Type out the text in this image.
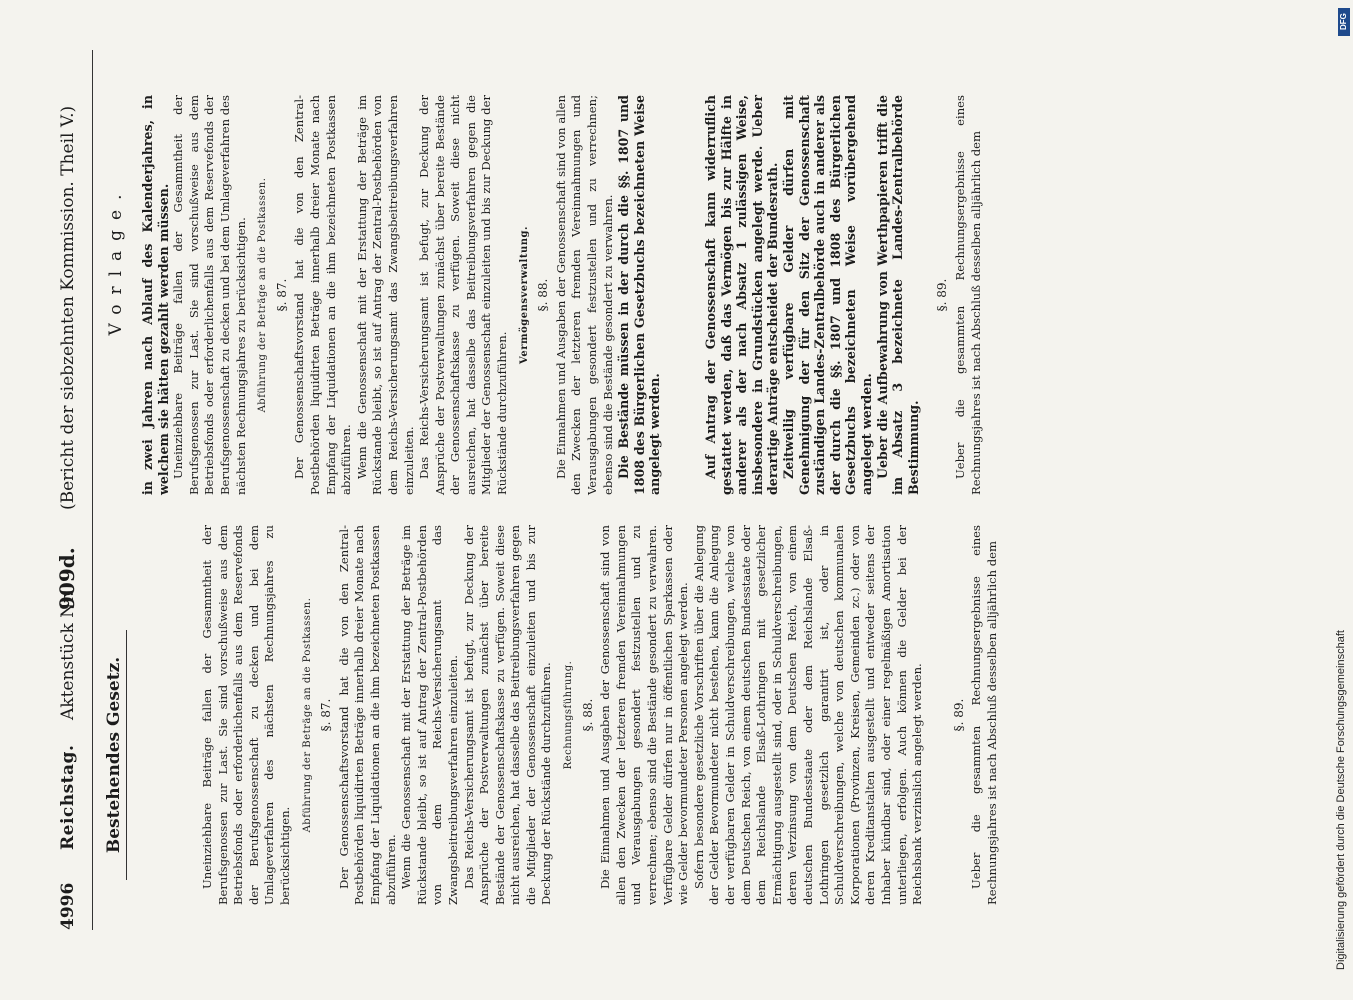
4996
Reichstag.
Aktenstück Nr.
909d.
(Bericht der siebzehnten Kommission. Theil V.)
Bestehendes Gesetz.	Uneinziehbare Beiträge fallen der Gesammtheit der Berufsgenossen zur Last. Sie sind vorschußweise aus dem Betriebsfonds oder erforderlichenfalls aus dem Reservefonds der Berufsgenossenschaft zu decken und bei dem Umlageverfahren des nächsten Rechnungsjahres zu berücksichtigen.

Abführung der Beträge an die Postkassen. §. 87. Der Genossenschaftsvorstand hat die von den Zentral-Postbehörden liquidirten Beträge innerhalb dreier Monate nach Empfang der Liquidationen an die ihm bezeichneten Postkassen abzuführen. Wenn die Genossenschaft mit der Erstattung der Beträge im Rückstande bleibt, so ist auf Antrag der Zentral-Postbehörden von dem Reichs-Versicherungsamt das Zwangsbeitreibungsverfahren einzuleiten. Das Reichs-Versicherungsamt ist befugt, zur Deckung der Ansprüche der Postverwaltungen zunächst über bereite Bestände der Genossenschaftskasse zu verfügen. Soweit diese nicht ausreichen, hat dasselbe das Beitreibungsverfahren gegen die Mitglieder der Genossenschaft einzuleiten und bis zur Deckung der Rückstände durchzuführen. Rechnungsführung. §. 88. Die Einnahmen und Ausgaben der Genossenschaft sind von allen den Zwecken der letzteren fremden Vereinnahmungen und Verausgabungen gesondert festzustellen und zu verrechnen; ebenso sind die Bestände gesondert zu verwahren. Verfügbare Gelder dürfen nur in öffentlichen Sparkassen oder wie Gelder bevormundeter Personen angelegt werden. Sofern besondere gesetzliche Vorschriften über die Anlegung der Gelder Bevormundeter nicht bestehen, kann die Anlegung der verfügbaren Gelder in Schuldverschreibungen, welche von dem Deutschen Reich, von einem deutschen Bundesstaate oder dem Reichslande Elsaß-Lothringen mit gesetzlicher Ermächtigung ausgestellt sind, oder in Schuldverschreibungen, deren Verzinsung von dem Deutschen Reich, von einem deutschen Bundesstaate oder dem Reichslande Elsaß-Lothringen gesetzlich garantirt ist, oder in Schuldverschreibungen, welche von deutschen kommunalen Korporationen (Provinzen, Kreisen, Gemeinden zc.) oder von deren Kreditanstalten ausgestellt und entweder seitens der Inhaber kündbar sind, oder einer regelmäßigen Amortisation unterliegen, erfolgen. Auch können die Gelder bei der Reichsbank verzinslich angelegt werden. §. 89. Ueber die gesammten Rechnungsergebnisse eines Rechnungsjahres ist nach Abschluß desselben alljährlich dem

Vorlage. in zwei Jahren nach Ablauf des Kalenderjahres, in welchem sie hätten gezahlt werden müssen. Uneinziehbare Beiträge fallen der Gesammtheit der Berufsgenossen zur Last. Sie sind vorschußweise aus dem Betriebsfonds oder erforderlichenfalls aus dem Reservefonds der Berufsgenossenschaft zu decken und bei dem Umlageverfahren des nächsten Rechnungsjahres zu berücksichtigen. Abführung der Beträge an die Postkassen. §. 87. Der Genossenschaftsvorstand hat die von den Zentral-Postbehörden liquidirten Beträge innerhalb dreier Monate nach Empfang der Liquidationen an die ihm bezeichneten Postkassen abzuführen. Wenn die Genossenschaft mit der Erstattung der Beträge im Rückstande bleibt, so ist auf Antrag der Zentral-Postbehörden von dem Reichs-Versicherungsamt das Zwangsbeitreibungsverfahren einzuleiten. Das Reichs-Versicherungsamt ist befugt, zur Deckung der Ansprüche der Postverwaltungen zunächst über bereite Bestände der Genossenschaftskasse zu verfügen. Soweit diese nicht ausreichen, hat dasselbe das Beitreibungsverfahren gegen die Mitglieder der Genossenschaft einzuleiten und bis zur Deckung der Rückstände durchzuführen.

Vermögensverwaltung. §. 88. Die Einnahmen und Ausgaben der Genossenschaft sind von allen den Zwecken der letzteren fremden Vereinnahmungen und Verausgabungen gesondert festzustellen und zu verrechnen; ebenso sind die Bestände gesondert zu verwahren. Die Bestände müssen in der durch die §§. 1807 und 1808 des Bürgerlichen Gesetzbuchs bezeichneten Weise angelegt werden.	Auf Antrag der Genossenschaft kann widerruflich gestattet werden, daß das Vermögen bis zur Hälfte in anderer als der nach Absatz 1 zulässigen Weise, insbesondere in Grundstücken angelegt werde. Ueber derartige Anträge entscheidet der Bundesrath. Zeitweilig verfügbare Gelder dürfen mit Genehmigung der für den Sitz der Genossenschaft zuständigen Landes-Zentralbehörde auch in anderer als der durch die §§. 1807 und 1808 des Bürgerlichen Gesetzbuchs bezeichneten Weise vorübergehend angelegt werden. Ueber die Aufbewahrung von Werthpapieren trifft die im Absatz 3 bezeichnete Landes-Zentralbehörde Bestimmung.

§. 89. Ueber die gesammten Rechnungsergebnisse eines Rechnungsjahres ist nach Abschluß desselben alljährlich dem

Digitalisierung gefördert durch die Deutsche Forschungsgemeinschaft
DFG
